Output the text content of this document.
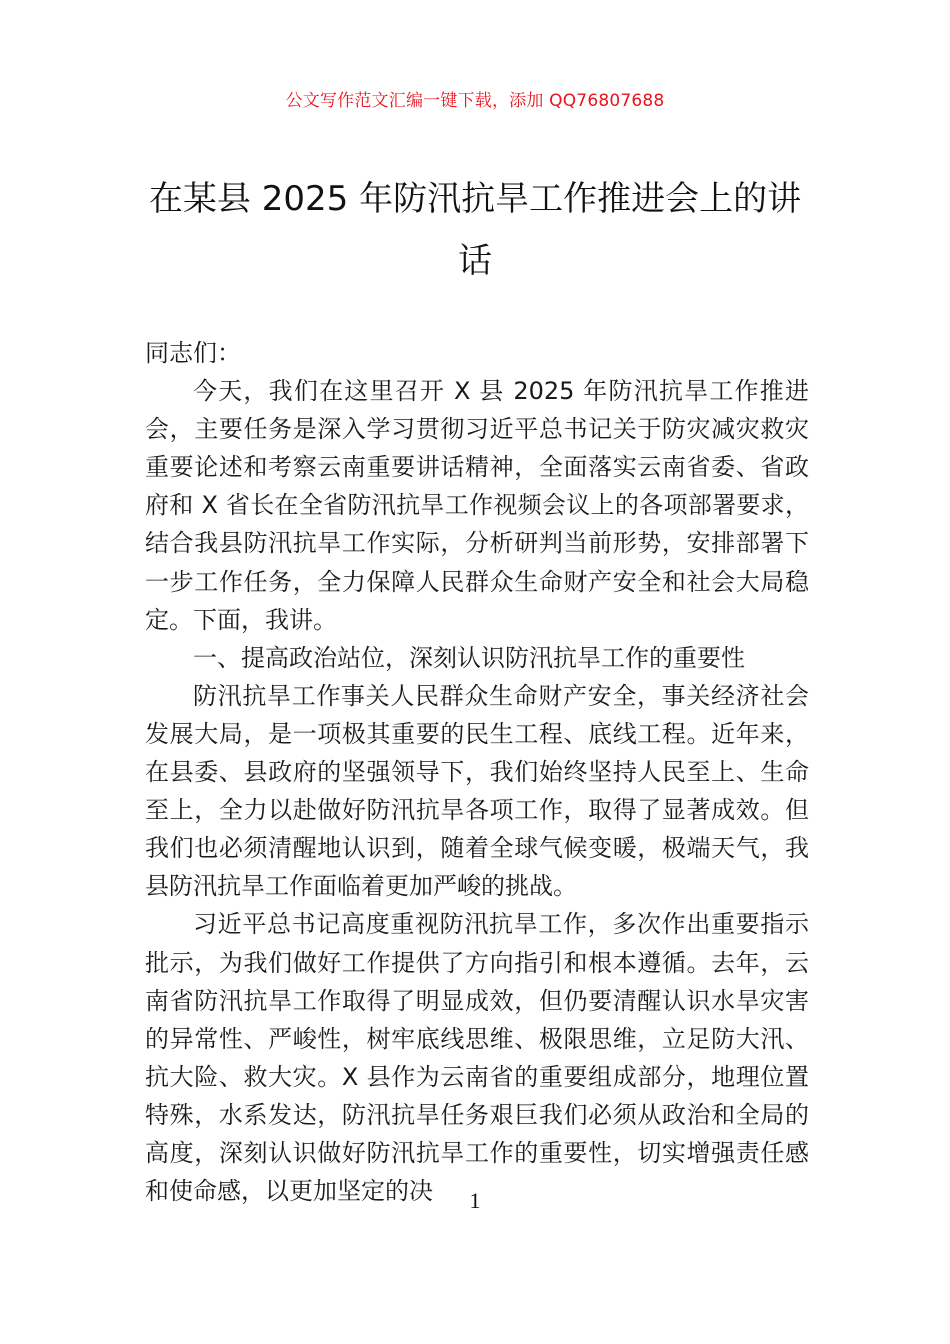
公文写作范文汇编一键下载，添加 QQ76807688
在某县 2025 年防汛抗旱工作推进会上的讲话

同志们：

今天，我们在这里召开 X 县 2025 年防汛抗旱工作推进会，主要任务是深入学习贯彻习近平总书记关于防灾减灾救灾重要论述和考察云南重要讲话精神，全面落实云南省委、省政府和 X 省长在全省防汛抗旱工作视频会议上的各项部署要求，结合我县防汛抗旱工作实际，分析研判当前形势，安排部署下一步工作任务，全力保障人民群众生命财产安全和社会大局稳定。下面，我讲。

一、提高政治站位，深刻认识防汛抗旱工作的重要性

防汛抗旱工作事关人民群众生命财产安全，事关经济社会发展大局，是一项极其重要的民生工程、底线工程。近年来，在县委、县政府的坚强领导下，我们始终坚持人民至上、生命至上，全力以赴做好防汛抗旱各项工作，取得了显著成效。但我们也必须清醒地认识到，随着全球气候变暖，极端天气，我县防汛抗旱工作面临着更加严峻的挑战。

习近平总书记高度重视防汛抗旱工作，多次作出重要指示批示，为我们做好工作提供了方向指引和根本遵循。去年，云南省防汛抗旱工作取得了明显成效，但仍要清醒认识水旱灾害的异常性、严峻性，树牢底线思维、极限思维，立足防大汛、抗大险、救大灾。X 县作为云南省的重要组成部分，地理位置特殊，水系发达，防汛抗旱任务艰巨我们必须从政治和全局的高度，深刻认识做好防汛抗旱工作的重要性，切实增强责任感和使命感，以更加坚定的决	1
